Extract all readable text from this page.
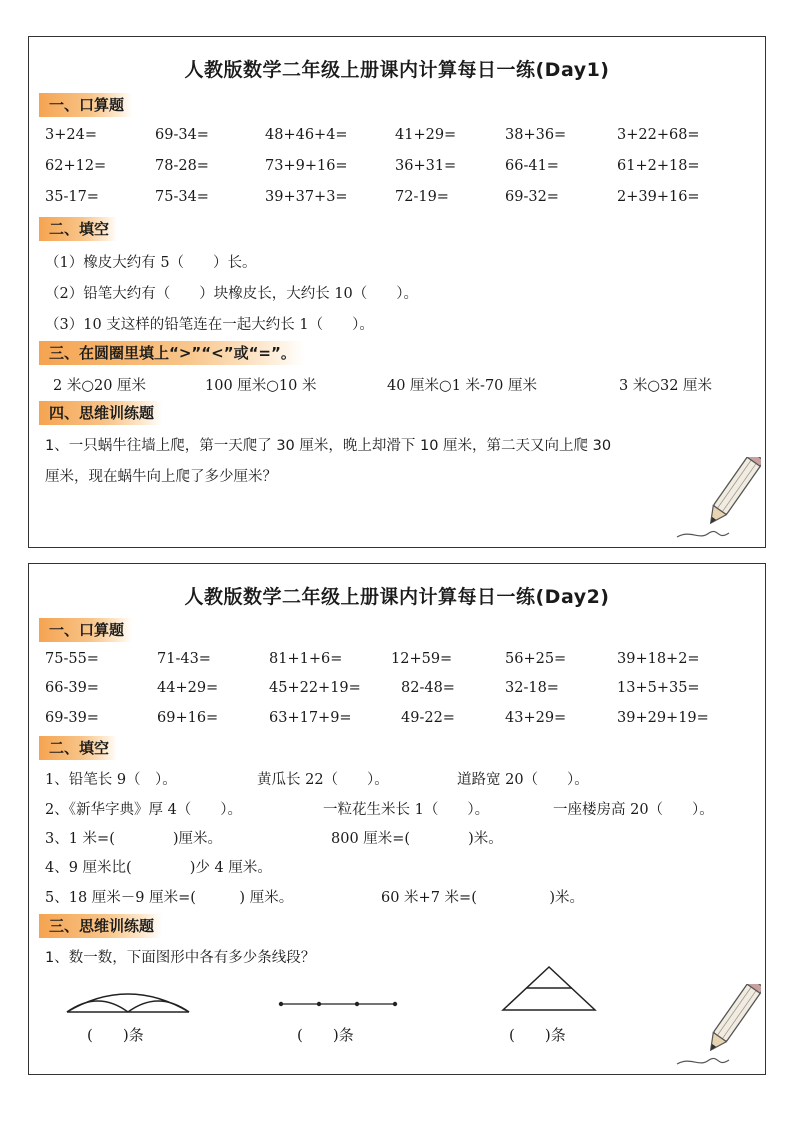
人教版数学二年级上册课内计算每日一练(Day1)
一、口算题
3+24=	69-34=	48+46+4=	41+29=	38+36=	3+22+68=
62+12=	78-28=	73+9+16=	36+31=	66-41=	61+2+18=
35-17=	75-34=	39+37+3=	72-19=	69-32=	2+39+16=
二、填空
（1）橡皮大约有 5（　　）长。
（2）铅笔大约有（　　）块橡皮长，大约长 10（　　）。
（3）10 支这样的铅笔连在一起大约长 1（　　）。
三、在圆圈里填上“>”“<”或“=”。
2 米○20 厘米	100 厘米○10 米	40 厘米○1 米-70 厘米	3 米○32 厘米
四、思维训练题
1、一只蜗牛往墙上爬，第一天爬了 30 厘米，晚上却滑下 10 厘米，第二天又向上爬 30
厘米，现在蜗牛向上爬了多少厘米？
人教版数学二年级上册课内计算每日一练(Day2)
一、口算题
75-55=	71-43=	81+1+6=	12+59=	56+25=	39+18+2=
66-39=	44+29=	45+22+19=	82-48=	32-18=	13+5+35=
69-39=	69+16=	63+17+9=	49-22=	43+29=	39+29+19=
二、填空
1、铅笔长 9（　）。	黄瓜长 22（　　）。	道路宽 20（　　）。
2、《新华字典》厚 4（　　）。	一粒花生米长 1（　　）。	一座楼房高 20（　　）。
3、1 米=(　　　　)厘米。	800 厘米=(　　　　)米。
4、9 厘米比(　　　　)少 4 厘米。
5、18 厘米－9 厘米=(　　　) 厘米。	60 米+7 米=(　　　　　)米。
三、思维训练题
1、数一数，下面图形中各有多少条线段？
(　　)条	(　　)条	(　　)条
